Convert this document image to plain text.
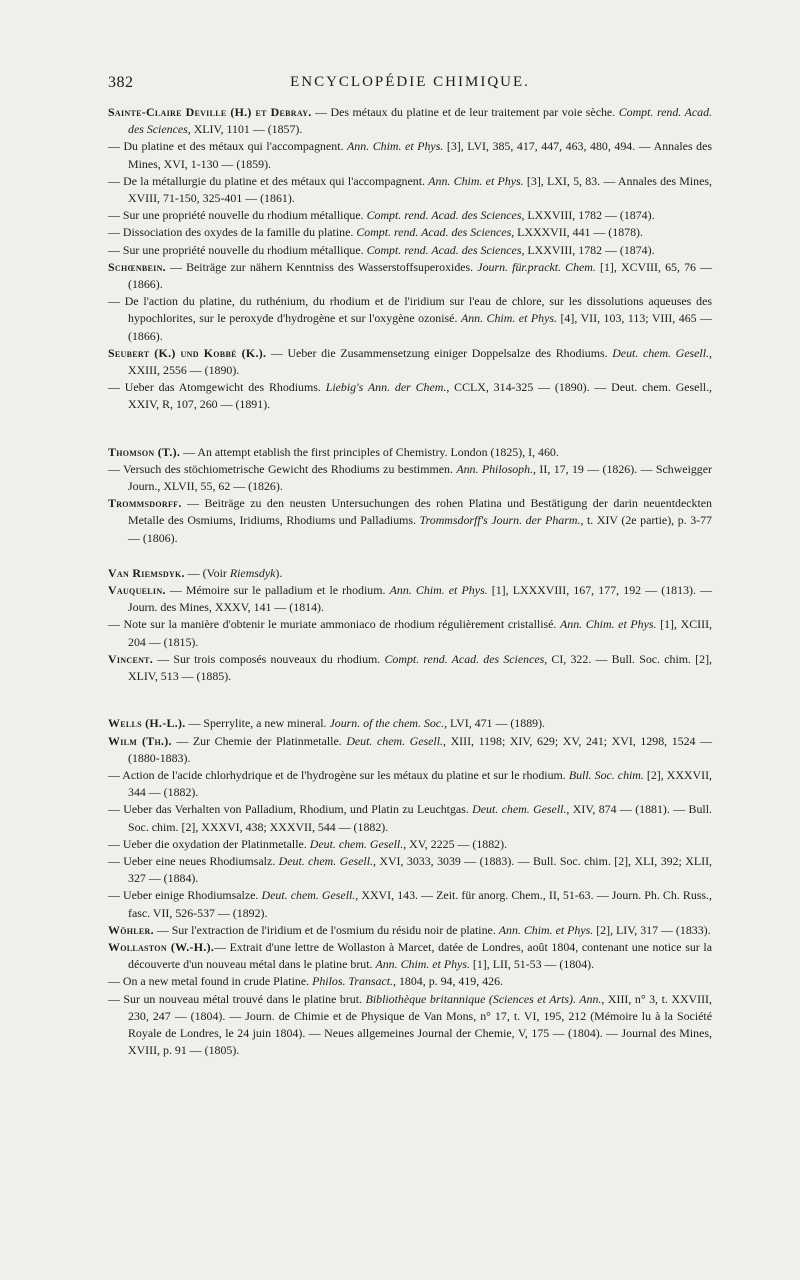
382	ENCYCLOPÉDIE CHIMIQUE.
Sainte-Claire Deville (H.) et Debray. — Des métaux du platine et de leur traitement par voie sèche. Compt. rend. Acad. des Sciences, XLIV, 1101 — (1857).
— Du platine et des métaux qui l'accompagnent. Ann. Chim. et Phys. [3], LVI, 385, 417, 447, 463, 480, 494. — Annales des Mines, XVI, 1-130 — (1859).
— De la métallurgie du platine et des métaux qui l'accompagnent. Ann. Chim. et Phys. [3], LXI, 5, 83. — Annales des Mines, XVIII, 71-150, 325-401 — (1861).
— Sur une propriété nouvelle du rhodium métallique. Compt. rend. Acad. des Sciences, LXXVIII, 1782 — (1874).
— Dissociation des oxydes de la famille du platine. Compt. rend. Acad. des Sciences, LXXXVII, 441 — (1878).
— Sur une propriété nouvelle du rhodium métallique. Compt. rend. Acad. des Sciences, LXXVIII, 1782 — (1874).
Schœnbein. — Beiträge zur nähern Kenntniss des Wasserstoffsuperoxides. Journ. für.prackt. Chem. [1], XCVIII, 65, 76 — (1866).
— De l'action du platine, du ruthénium, du rhodium et de l'iridium sur l'eau de chlore, sur les dissolutions aqueuses des hypochlorites, sur le peroxyde d'hydrogène et sur l'oxygène ozonisé. Ann. Chim. et Phys. [4], VII, 103, 113; VIII, 465 — (1866).
Seubert (K.) und Kobbé (K.). — Ueber die Zusammensetzung einiger Doppelsalze des Rhodiums. Deut. chem. Gesell., XXIII, 2556 — (1890).
— Ueber das Atomgewicht des Rhodiums. Liebig's Ann. der Chem., CCLX, 314-325 — (1890). — Deut. chem. Gesell., XXIV, R, 107, 260 — (1891).
Thomson (T.). — An attempt etablish the first principles of Chemistry. London (1825), I, 460.
— Versuch des stöchiometrische Gewicht des Rhodiums zu bestimmen. Ann. Philosoph., II, 17, 19 — (1826). — Schweigger Journ., XLVII, 55, 62 — (1826).
Trommsdorff. — Beiträge zu den neusten Untersuchungen des rohen Platina und Bestätigung der darin neuentdeckten Metalle des Osmiums, Iridiums, Rhodiums und Palladiums. Trommsdorff's Journ. der Pharm., t. XIV (2e partie), p. 3-77 — (1806).
Van Riemsdyk. — (Voir Riemsdyk).
Vauquelin. — Mémoire sur le palladium et le rhodium. Ann. Chim. et Phys. [1], LXXXVIII, 167, 177, 192 — (1813). — Journ. des Mines, XXXV, 141 — (1814).
— Note sur la manière d'obtenir le muriate ammoniaco de rhodium régulièrement cristallisé. Ann. Chim. et Phys. [1], XCIII, 204 — (1815).
Vincent. — Sur trois composés nouveaux du rhodium. Compt. rend. Acad. des Sciences, CI, 322. — Bull. Soc. chim. [2], XLIV, 513 — (1885).
Wells (H.-L.). — Sperrylite, a new mineral. Journ. of the chem. Soc., LVI, 471 — (1889).
Wilm (Th.). — Zur Chemie der Platinmetalle. Deut. chem. Gesell., XIII, 1198; XIV, 629; XV, 241; XVI, 1298, 1524 — (1880-1883).
— Action de l'acide chlorhydrique et de l'hydrogène sur les métaux du platine et sur le rhodium. Bull. Soc. chim. [2], XXXVII, 344 — (1882).
— Ueber das Verhalten von Palladium, Rhodium, und Platin zu Leuchtgas. Deut. chem. Gesell., XIV, 874 — (1881). — Bull. Soc. chim. [2], XXXVI, 438; XXXVII, 544 — (1882).
— Ueber die oxydation der Platinmetalle. Deut. chem. Gesell., XV, 2225 — (1882).
— Ueber eine neues Rhodiumsalz. Deut. chem. Gesell., XVI, 3033, 3039 — (1883). — Bull. Soc. chim. [2], XLI, 392; XLII, 327 — (1884).
— Ueber einige Rhodiumsalze. Deut. chem. Gesell., XXVI, 143. — Zeit. für anorg. Chem., II, 51-63. — Journ. Ph. Ch. Russ., fasc. VII, 526-537 — (1892).
Wöhler. — Sur l'extraction de l'iridium et de l'osmium du résidu noir de platine. Ann. Chim. et Phys. [2], LIV, 317 — (1833).
Wollaston (W.-H.).— Extrait d'une lettre de Wollaston à Marcet, datée de Londres, août 1804, contenant une notice sur la découverte d'un nouveau métal dans le platine brut. Ann. Chim. et Phys. [1], LII, 51-53 — (1804).
— On a new metal found in crude Platine. Philos. Transact., 1804, p. 94, 419, 426.
— Sur un nouveau métal trouvé dans le platine brut. Bibliothèque britannique (Sciences et Arts). Ann., XIII, n° 3, t. XXVIII, 230, 247 — (1804). — Journ. de Chimie et de Physique de Van Mons, n° 17, t. VI, 195, 212 (Mémoire lu à la Société Royale de Londres, le 24 juin 1804). — Neues allgemeines Journal der Chemie, V, 175 — (1804). — Journal des Mines, XVIII, p. 91 — (1805).
